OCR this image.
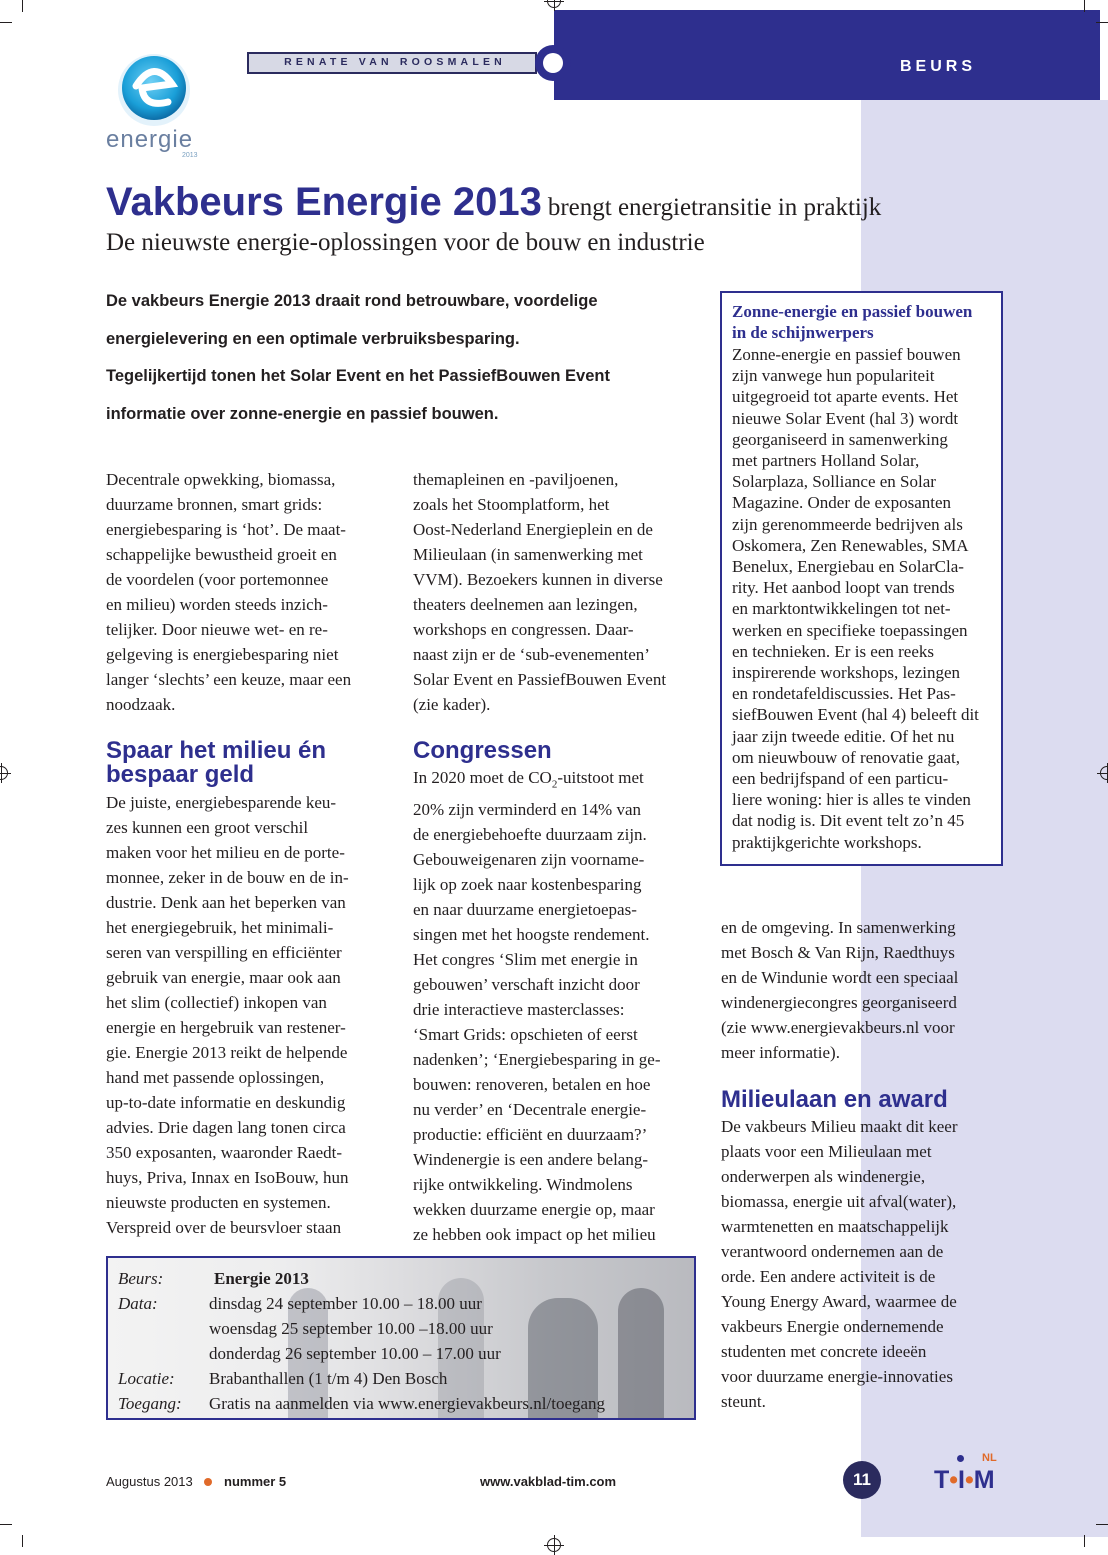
BEURS
RENATE VAN ROOSMALEN
energie
2013
Vakbeurs Energie 2013 brengt energietransitie in praktijk
De nieuwste energie-oplossingen voor de bouw en industrie
De vakbeurs Energie 2013 draait rond betrouwbare, voordelige
energielevering en een optimale verbruiksbesparing.
Tegelijkertijd tonen het Solar Event en het PassiefBouwen Event
informatie over zonne-energie en passief bouwen.
Decentrale opwekking, biomassa,
duurzame bronnen, smart grids:
energiebesparing is ‘hot’. De maat-
schappelijke bewustheid groeit en
de voordelen (voor portemonnee
en milieu) worden steeds inzich-
telijker. Door nieuwe wet- en re-
gelgeving is energiebesparing niet
langer ‘slechts’ een keuze, maar een
noodzaak.
Spaar het milieu én
bespaar geld
De juiste, energiebesparende keu-
zes kunnen een groot verschil
maken voor het milieu en de porte-
monnee, zeker in de bouw en de in-
dustrie. Denk aan het beperken van
het energiegebruik, het minimali-
seren van verspilling en efficiënter
gebruik van energie, maar ook aan
het slim (collectief) inkopen van
energie en hergebruik van restener-
gie. Energie 2013 reikt de helpende
hand met passende oplossingen,
up-to-date informatie en deskundig
advies. Drie dagen lang tonen circa
350 exposanten, waaronder Raedt-
huys, Priva, Innax en IsoBouw, hun
nieuwste producten en systemen.
Verspreid over de beursvloer staan
themapleinen en -paviljoenen,
zoals het Stoomplatform, het
Oost-Nederland Energieplein en de
Milieulaan (in samenwerking met
VVM). Bezoekers kunnen in diverse
theaters deelnemen aan lezingen,
workshops en congressen. Daar-
naast zijn er de ‘sub-evenementen’
Solar Event en PassiefBouwen Event
(zie kader).
Congressen
In 2020 moet de $CO_2$-uitstoot met
20% zijn verminderd en 14% van
de energiebehoefte duurzaam zijn.
Gebouweigenaren zijn voorname-
lijk op zoek naar kostenbesparing
en naar duurzame energietoepas-
singen met het hoogste rendement.
Het congres ‘Slim met energie in
gebouwen’ verschaft inzicht door
drie interactieve masterclasses:
‘Smart Grids: opschieten of eerst
nadenken’; ‘Energiebesparing in ge-
bouwen: renoveren, betalen en hoe
nu verder’ en ‘Decentrale energie-
productie: efficiënt en duurzaam?’
Windenergie is een andere belang-
rijke ontwikkeling. Windmolens
wekken duurzame energie op, maar
ze hebben ook impact op het milieu
Zonne-energie en passief bouwen
in de schijnwerpers
Zonne-energie en passief bouwen
zijn vanwege hun populariteit
uitgegroeid tot aparte events. Het
nieuwe Solar Event (hal 3) wordt
georganiseerd in samenwerking
met partners Holland Solar,
Solarplaza, Solliance en Solar
Magazine. Onder de exposanten
zijn gerenommeerde bedrijven als
Oskomera, Zen Renewables, SMA
Benelux, Energiebau en SolarCla-
rity. Het aanbod loopt van trends
en marktontwikkelingen tot net-
werken en specifieke toepassingen
en technieken. Er is een reeks
inspirerende workshops, lezingen
en rondetafeldiscussies. Het Pas-
siefBouwen Event (hal 4) beleeft dit
jaar zijn tweede editie. Of het nu
om nieuwbouw of renovatie gaat,
een bedrijfspand of een particu-
liere woning: hier is alles te vinden
dat nodig is. Dit event telt zo’n 45
praktijkgerichte workshops.
en de omgeving. In samenwerking
met Bosch & Van Rijn, Raedthuys
en de Windunie wordt een speciaal
windenergiecongres georganiseerd
(zie www.energievakbeurs.nl voor
meer informatie).
Milieulaan en award
De vakbeurs Milieu maakt dit keer
plaats voor een Milieulaan met
onderwerpen als windenergie,
biomassa, energie uit afval(water),
warmtenetten en maatschappelijk
verantwoord ondernemen aan de
orde. Een andere activiteit is de
Young Energy Award, waarmee de
vakbeurs Energie ondernemende
studenten met concrete ideeën
voor duurzame energie-innovaties
steunt.
Beurs:	Energie 2013
Data:	dinsdag 24 september 10.00 – 18.00 uur
woensdag 25 september 10.00 –18.00 uur
donderdag 26 september 10.00 – 17.00 uur
Locatie: Brabanthallen (1 t/m 4) Den Bosch
Toegang: Gratis na aanmelden via www.energievakbeurs.nl/toegang
Augustus 2013 nummer 5	www.vakblad-tim.com	11
NL
T•I•M
